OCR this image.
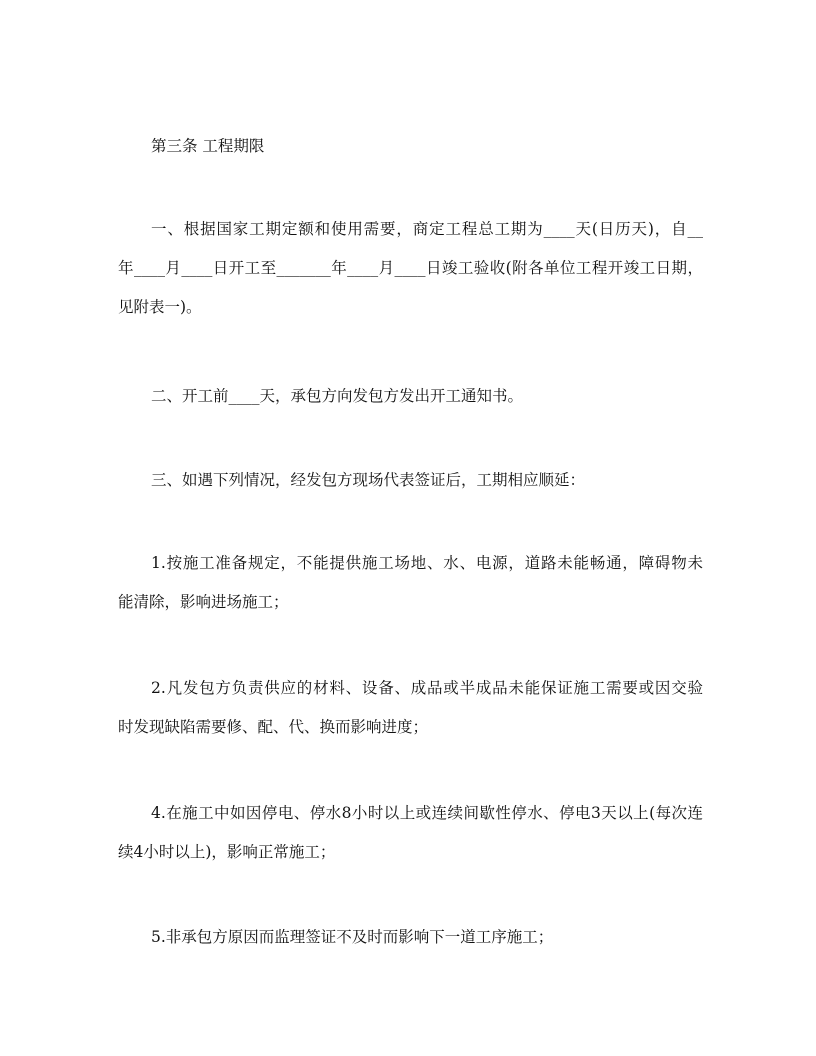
第三条 工程期限
一、根据国家工期定额和使用需要，商定工程总工期为____天(日历天)，自__
年____月____日开工至_______年____月____日竣工验收(附各单位工程开竣工日期，
见附表一)。
二、开工前____天，承包方向发包方发出开工通知书。
三、如遇下列情况，经发包方现场代表签证后，工期相应顺延：
1.按施工准备规定，不能提供施工场地、水、电源，道路未能畅通，障碍物未
能清除，影响进场施工；
2.凡发包方负责供应的材料、设备、成品或半成品未能保证施工需要或因交验
时发现缺陷需要修、配、代、换而影响进度；
4.在施工中如因停电、停水8小时以上或连续间歇性停水、停电3天以上(每次连
续4小时以上)，影响正常施工；
5.非承包方原因而监理签证不及时而影响下一道工序施工；
